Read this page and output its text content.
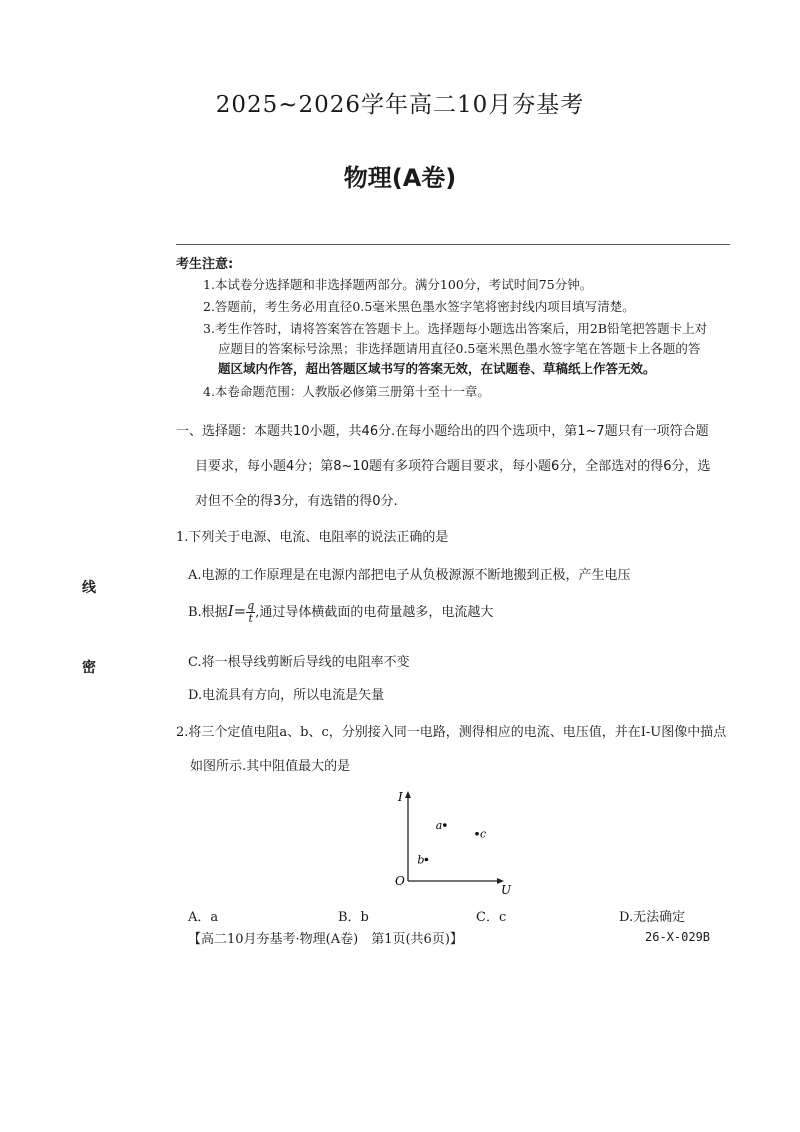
2025~2026学年高二10月夯基考
物理(A卷)
考生注意:
1.本试卷分选择题和非选择题两部分。满分100分，考试时间75分钟。
2.答题前，考生务必用直径0.5毫米黑色墨水签字笔将密封线内项目填写清楚。
3.考生作答时，请将答案答在答题卡上。选择题每小题选出答案后，用2B铅笔把答题卡上对
应题目的答案标号涂黑；非选择题请用直径0.5毫米黑色墨水签字笔在答题卡上各题的答
题区域内作答，超出答题区域书写的答案无效，在试题卷、草稿纸上作答无效。
4.本卷命题范围：人教版必修第三册第十至十一章。
一、选择题：本题共10小题，共46分.在每小题给出的四个选项中，第1~7题只有一项符合题
目要求，每小题4分；第8~10题有多项符合题目要求，每小题6分，全部选对的得6分，选
对但不全的得3分，有选错的得0分.
线
密
1.下列关于电源、电流、电阻率的说法正确的是
A.电源的工作原理是在电源内部把电子从负极源源不断地搬到正极，产生电压
B.根据$I= \frac{q}{t}$ ,通过导体横截面的电荷量越多，电流越大
C.将一根导线剪断后导线的电阻率不变
D.电流具有方向，所以电流是矢量
2.将三个定值电阻a、b、c，分别接入同一电路，测得相应的电流、电压值，并在I-U图像中描点
如图所示.其中阻值最大的是
I
U
O
a
b
c
A．a	B．b	C．c	D.无法确定
【高二10月夯基考·物理(A卷)　第1页(共6页)】	26-X-029B
